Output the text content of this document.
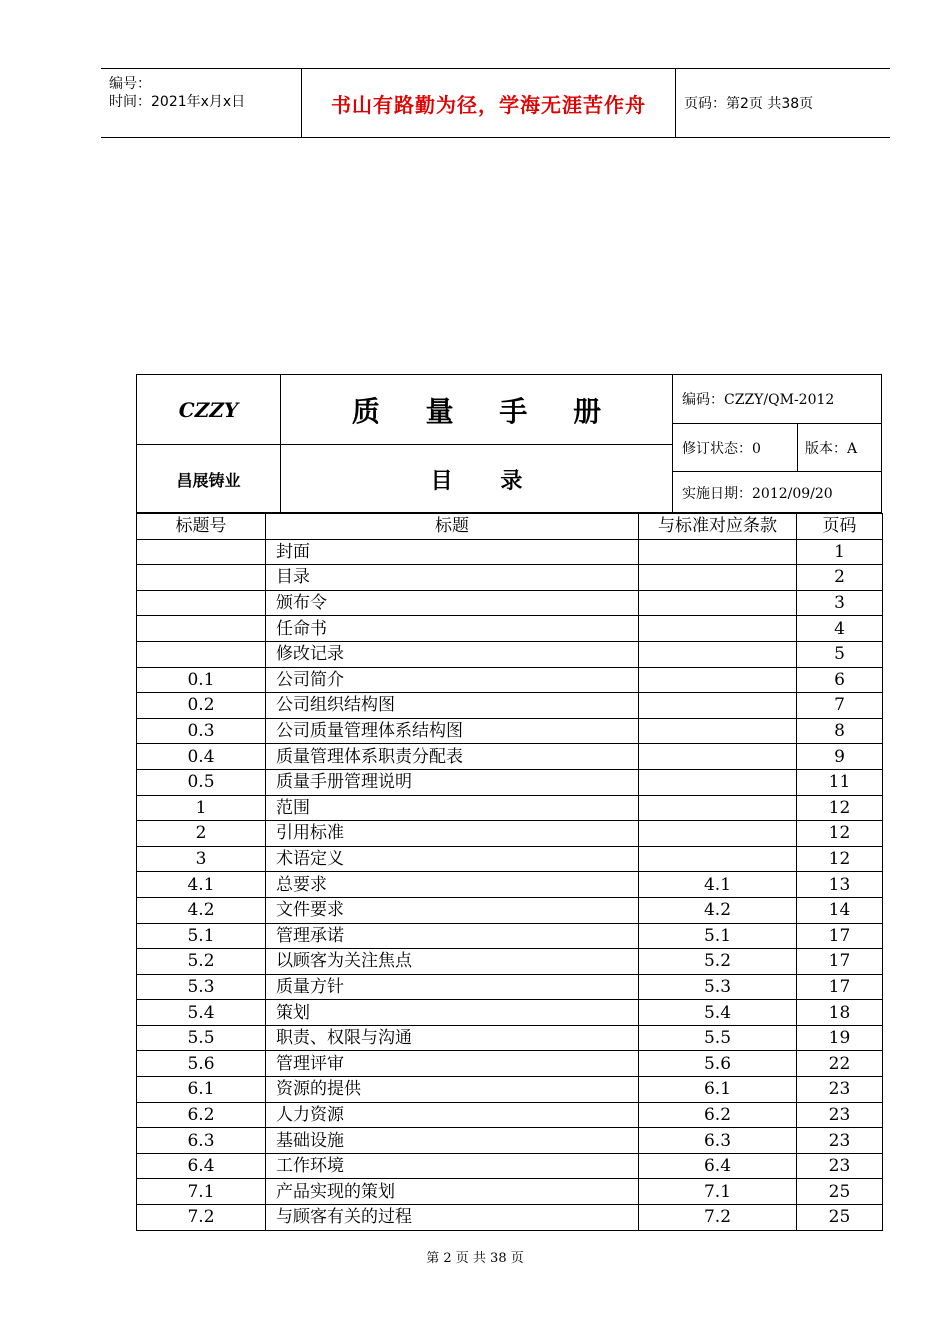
编号：
时间：2021年x月x日	书山有路勤为径，学海无涯苦作舟	页码：第2页 共38页
CZZY
昌展铸业
质 量 手 册
目 录
编码：CZZY/QM-2012
修订状态：0	版本：A
实施日期：2012/09/20
标题号	标题	与标准对应条款	页码
	封面		1
	目录		2
	颁布令		3
	任命书		4
	修改记录		5
0.1	公司简介		6
0.2	公司组织结构图		7
0.3	公司质量管理体系结构图		8
0.4	质量管理体系职责分配表		9
0.5	质量手册管理说明		11
1	范围		12
2	引用标准		12
3	术语定义		12
4.1	总要求	4.1	13
4.2	文件要求	4.2	14
5.1	管理承诺	5.1	17
5.2	以顾客为关注焦点	5.2	17
5.3	质量方针	5.3	17
5.4	策划	5.4	18
5.5	职责、权限与沟通	5.5	19
5.6	管理评审	5.6	22
6.1	资源的提供	6.1	23
6.2	人力资源	6.2	23
6.3	基础设施	6.3	23
6.4	工作环境	6.4	23
7.1	产品实现的策划	7.1	25
7.2	与顾客有关的过程	7.2	25
第 2 页 共 38 页
